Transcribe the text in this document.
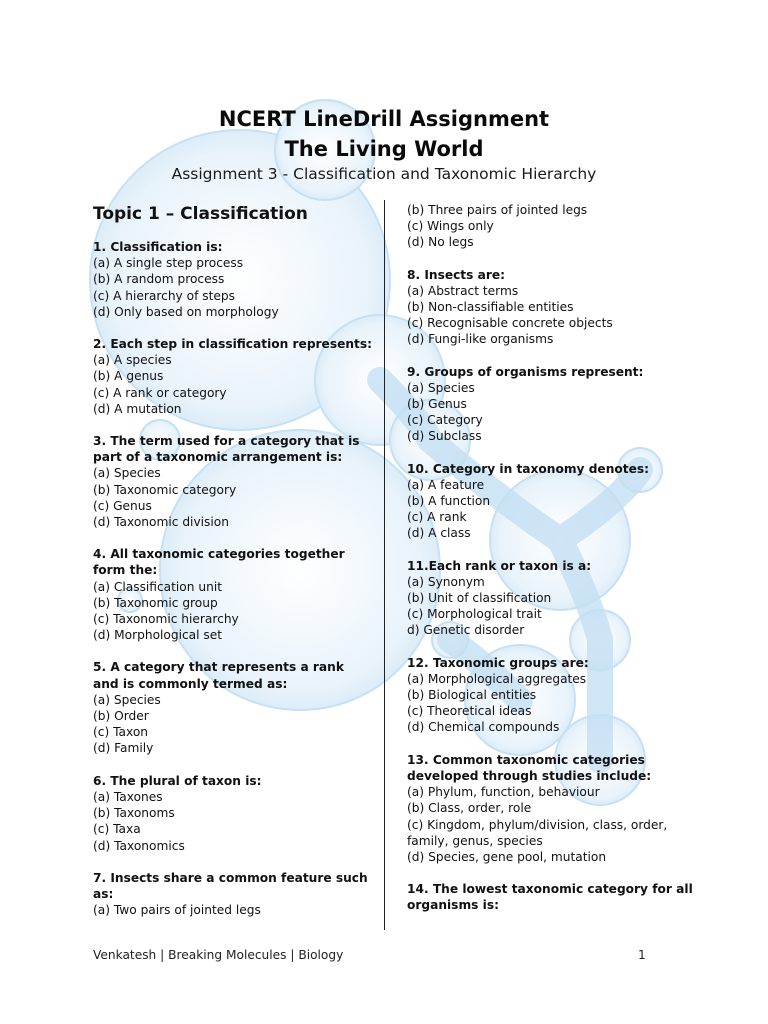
NCERT LineDrill Assignment
The Living World
Assignment 3 - Classification and Taxonomic Hierarchy
Topic 1 – Classification
1. Classification is:
(a) A single step process
(b) A random process
(c) A hierarchy of steps
(d) Only based on morphology
2. Each step in classification represents:
(a) A species
(b) A genus
(c) A rank or category
(d) A mutation
3. The term used for a category that is part of a taxonomic arrangement is:
(a) Species
(b) Taxonomic category
(c) Genus
(d) Taxonomic division
4. All taxonomic categories together form the:
(a) Classification unit
(b) Taxonomic group
(c) Taxonomic hierarchy
(d) Morphological set
5. A category that represents a rank and is commonly termed as:
(a) Species
(b) Order
(c) Taxon
(d) Family
6. The plural of taxon is:
(a) Taxones
(b) Taxonoms
(c) Taxa
(d) Taxonomics
7. Insects share a common feature such as:
(a) Two pairs of jointed legs
(b) Three pairs of jointed legs
(c) Wings only
(d) No legs
8. Insects are:
(a) Abstract terms
(b) Non-classifiable entities
(c) Recognisable concrete objects
(d) Fungi-like organisms
9. Groups of organisms represent:
(a) Species
(b) Genus
(c) Category
(d) Subclass
10. Category in taxonomy denotes:
(a) A feature
(b) A function
(c) A rank
(d) A class
11.Each rank or taxon is a:
(a) Synonym
(b) Unit of classification
(c) Morphological trait
d) Genetic disorder
12. Taxonomic groups are:
(a) Morphological aggregates
(b) Biological entities
(c) Theoretical ideas
(d) Chemical compounds
13. Common taxonomic categories developed through studies include:
(a) Phylum, function, behaviour
(b) Class, order, role
(c) Kingdom, phylum/division, class, order, family, genus, species
(d) Species, gene pool, mutation
14. The lowest taxonomic category for all organisms is:
Venkatesh | Breaking Molecules | Biology	1
